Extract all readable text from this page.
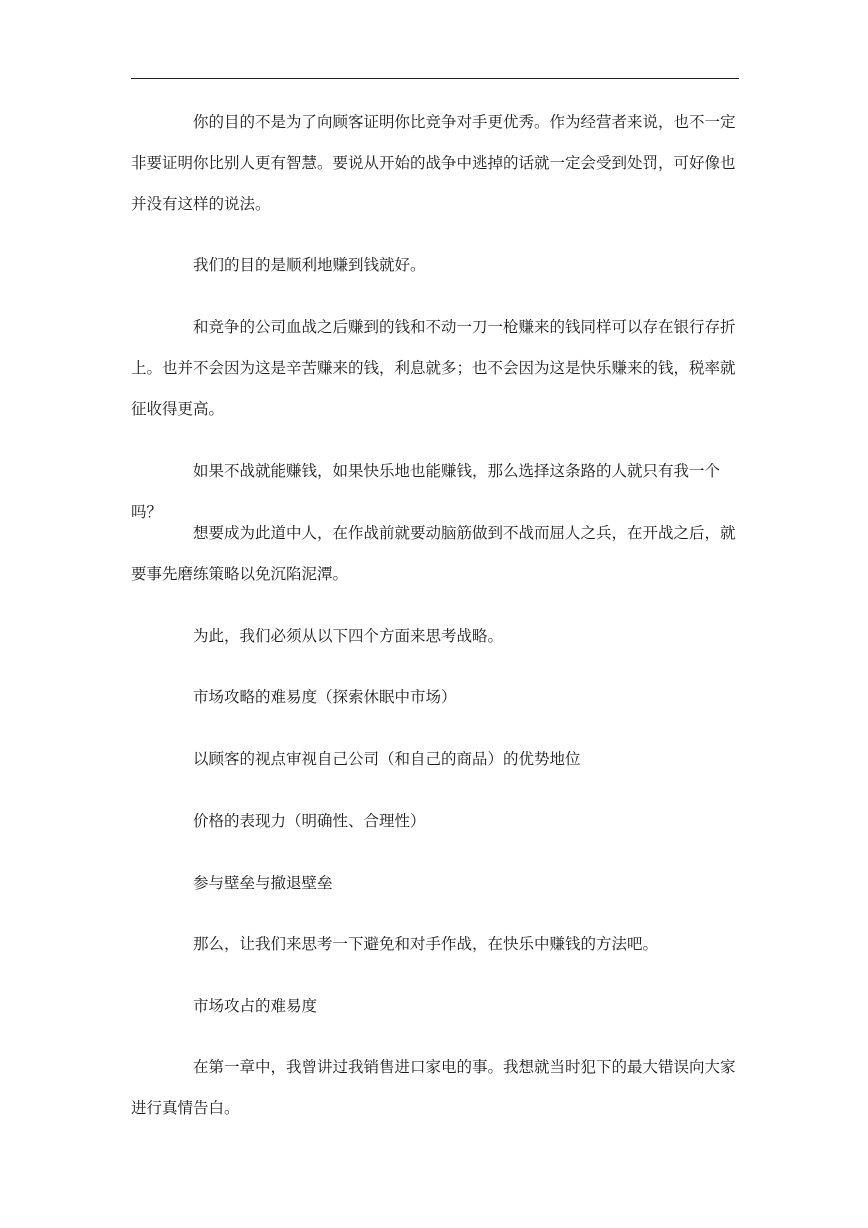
你的目的不是为了向顾客证明你比竞争对手更优秀。作为经营者来说，也不一定非要证明你比别人更有智慧。要说从开始的战争中逃掉的话就一定会受到处罚，可好像也并没有这样的说法。

我们的目的是顺利地赚到钱就好。

和竞争的公司血战之后赚到的钱和不动一刀一枪赚来的钱同样可以存在银行存折上。也并不会因为这是辛苦赚来的钱，利息就多；也不会因为这是快乐赚来的钱，税率就征收得更高。

如果不战就能赚钱，如果快乐地也能赚钱，那么选择这条路的人就只有我一个吗？

想要成为此道中人，在作战前就要动脑筋做到不战而屈人之兵，在开战之后，就要事先磨练策略以免沉陷泥潭。

为此，我们必须从以下四个方面来思考战略。

市场攻略的难易度（探索休眠中市场）

以顾客的视点审视自己公司（和自己的商品）的优势地位

价格的表现力（明确性、合理性）

参与壁垒与撤退壁垒

那么，让我们来思考一下避免和对手作战，在快乐中赚钱的方法吧。

市场攻占的难易度

在第一章中，我曾讲过我销售进口家电的事。我想就当时犯下的最大错误向大家进行真情告白。
